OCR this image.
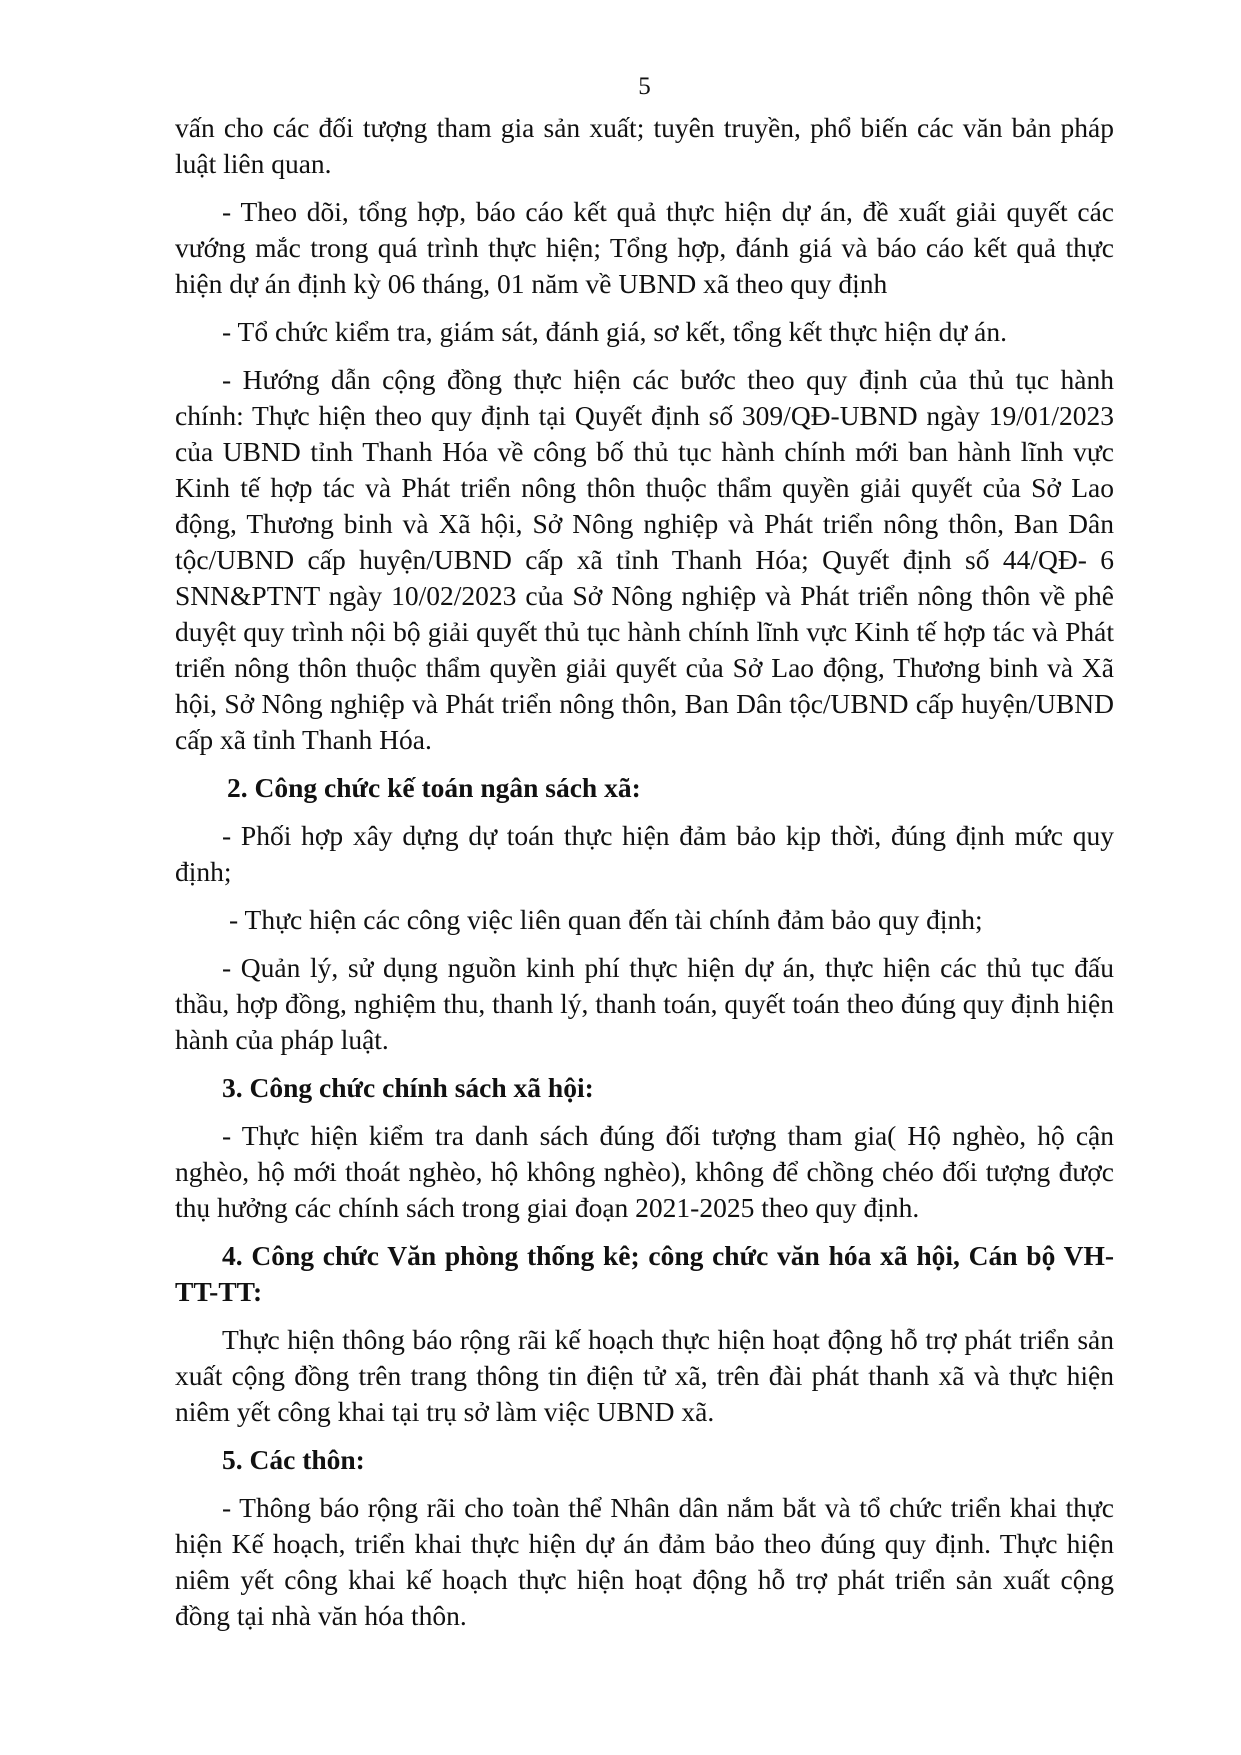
5

vấn cho các đối tượng tham gia sản xuất; tuyên truyền, phổ biến các văn bản pháp luật liên quan.

- Theo dõi, tổng hợp, báo cáo kết quả thực hiện dự án, đề xuất giải quyết các vướng mắc trong quá trình thực hiện; Tổng hợp, đánh giá và báo cáo kết quả thực hiện dự án định kỳ 06 tháng, 01 năm về UBND xã theo quy định

- Tổ chức kiểm tra, giám sát, đánh giá, sơ kết, tổng kết thực hiện dự án.

- Hướng dẫn cộng đồng thực hiện các bước theo quy định của thủ tục hành chính: Thực hiện theo quy định tại Quyết định số 309/QĐ-UBND ngày 19/01/2023 của UBND tỉnh Thanh Hóa về công bố thủ tục hành chính mới ban hành lĩnh vực Kinh tế hợp tác và Phát triển nông thôn thuộc thẩm quyền giải quyết của Sở Lao động, Thương binh và Xã hội, Sở Nông nghiệp và Phát triển nông thôn, Ban Dân tộc/UBND cấp huyện/UBND cấp xã tỉnh Thanh Hóa; Quyết định số 44/QĐ- 6 SNN&PTNT ngày 10/02/2023 của Sở Nông nghiệp và Phát triển nông thôn về phê duyệt quy trình nội bộ giải quyết thủ tục hành chính lĩnh vực Kinh tế hợp tác và Phát triển nông thôn thuộc thẩm quyền giải quyết của Sở Lao động, Thương binh và Xã hội, Sở Nông nghiệp và Phát triển nông thôn, Ban Dân tộc/UBND cấp huyện/UBND cấp xã tỉnh Thanh Hóa.

2. Công chức kế toán ngân sách xã:

- Phối hợp xây dựng dự toán thực hiện đảm bảo kịp thời, đúng định mức quy định;

- Thực hiện các công việc liên quan đến tài chính đảm bảo quy định;

- Quản lý, sử dụng nguồn kinh phí thực hiện dự án, thực hiện các thủ tục đấu thầu, hợp đồng, nghiệm thu, thanh lý, thanh toán, quyết toán theo đúng quy định hiện hành của pháp luật.

3. Công chức chính sách xã hội:

- Thực hiện kiểm tra danh sách đúng đối tượng tham gia( Hộ nghèo, hộ cận nghèo, hộ mới thoát nghèo, hộ không nghèo), không để chồng chéo đối tượng được thụ hưởng các chính sách trong giai đoạn 2021-2025 theo quy định.

4. Công chức Văn phòng thống kê; công chức văn hóa xã hội, Cán bộ VH-TT-TT:

Thực hiện thông báo rộng rãi kế hoạch thực hiện hoạt động hỗ trợ phát triển sản xuất cộng đồng trên trang thông tin điện tử xã, trên đài phát thanh xã và thực hiện niêm yết công khai tại trụ sở làm việc UBND xã.

5. Các thôn:

- Thông báo rộng rãi cho toàn thể Nhân dân nắm bắt và tổ chức triển khai thực hiện Kế hoạch, triển khai thực hiện dự án đảm bảo theo đúng quy định. Thực hiện niêm yết công khai kế hoạch thực hiện hoạt động hỗ trợ phát triển sản xuất cộng đồng tại nhà văn hóa thôn.
